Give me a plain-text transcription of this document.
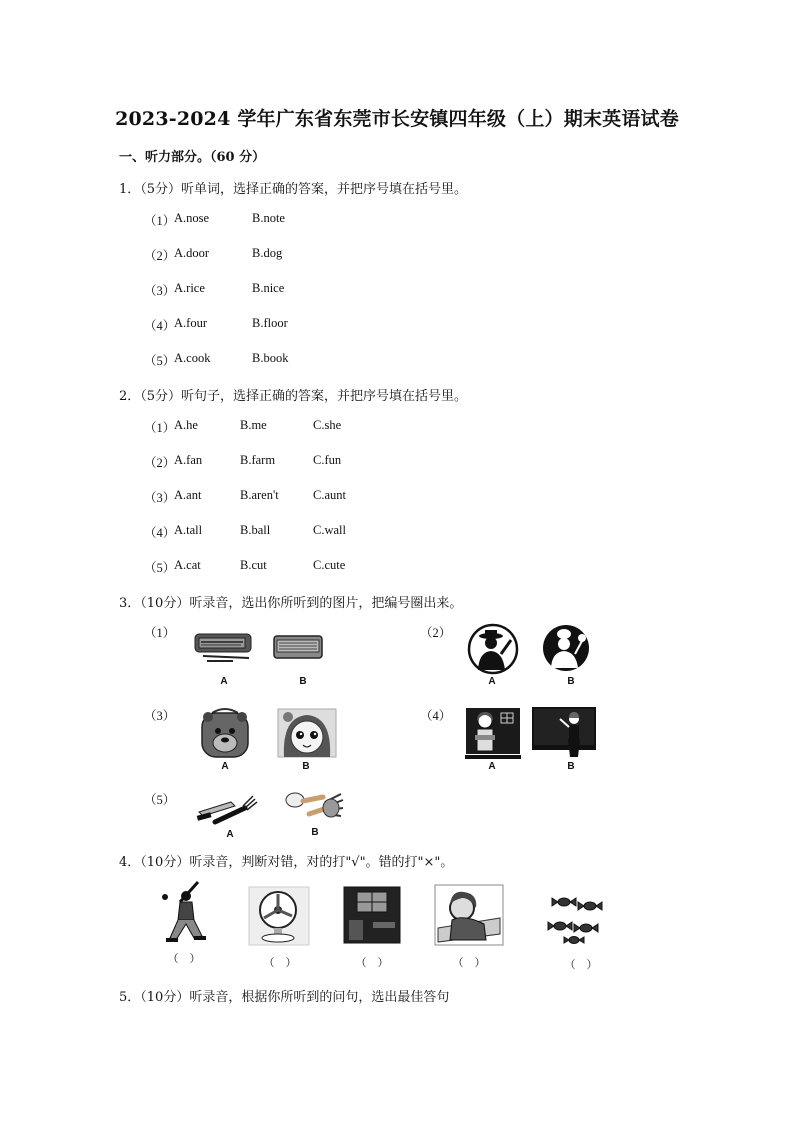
2023-2024 学年广东省东莞市长安镇四年级（上）期末英语试卷
一、听力部分。（60 分）
1．（5分）听单词，选择正确的答案，并把序号填在括号里。
（1）
A.nose	B.note
（2）
A.door	B.dog
（3）
A.rice	B.nice
（4）
A.four	B.floor
（5）
A.cook	B.book
2．（5分）听句子，选择正确的答案，并把序号填在括号里。
（1）
A.he	B.me	C.she
（2）
A.fan	B.farm	C.fun
（3）
A.ant	B.aren't	C.aunt
（4）
A.tall	B.ball	C.wall
（5）
A.cat	B.cut	C.cute
3．（10分）听录音，选出你所听到的图片，把编号圈出来。
（1）
A	B
（2）
A	B
（3）
A	B
（4）
A	B
（5）
A	B
4．（10分）听录音，判断对错，对的打"√"。错的打"×"。
（　）	（　）	（　）	（　）	（　）
5．（10分）听录音，根据你所听到的问句，选出最佳答句
